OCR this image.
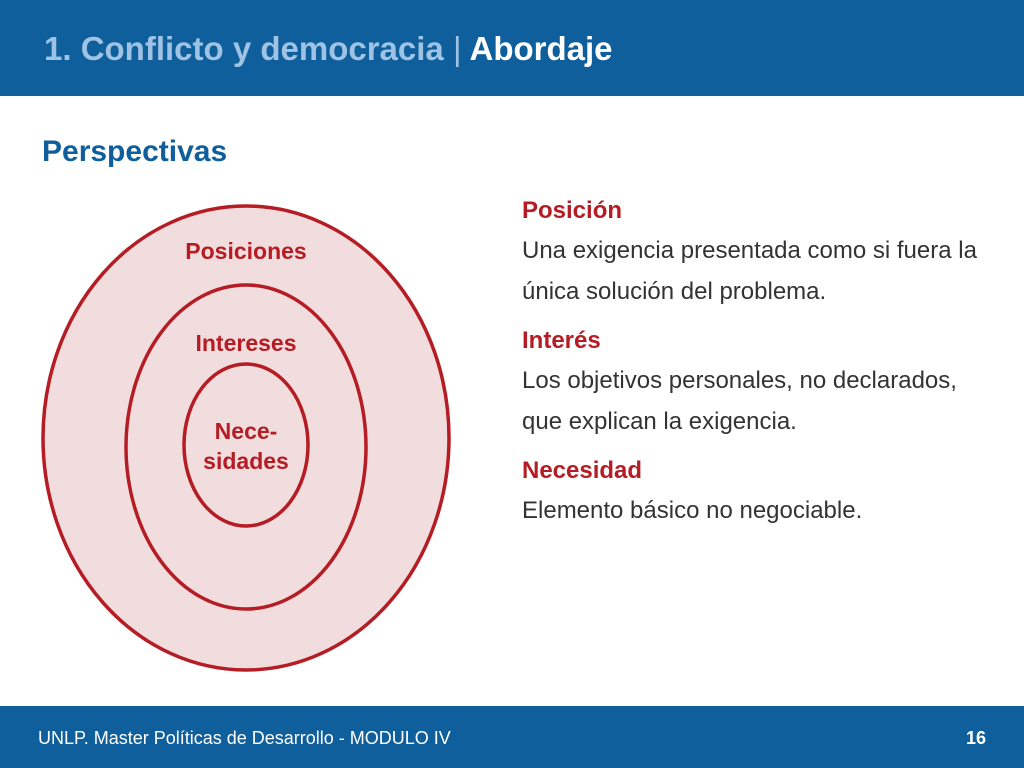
1. Conflicto y democracia | Abordaje
Perspectivas
Posiciones
Intereses
Nece-
sidades
Posición
Una exigencia presentada como si fuera la única solución del problema.
Interés
Los objetivos personales, no declarados, que explican la exigencia.
Necesidad
Elemento básico no negociable.
UNLP. Master Políticas de Desarrollo - MODULO IV	16
